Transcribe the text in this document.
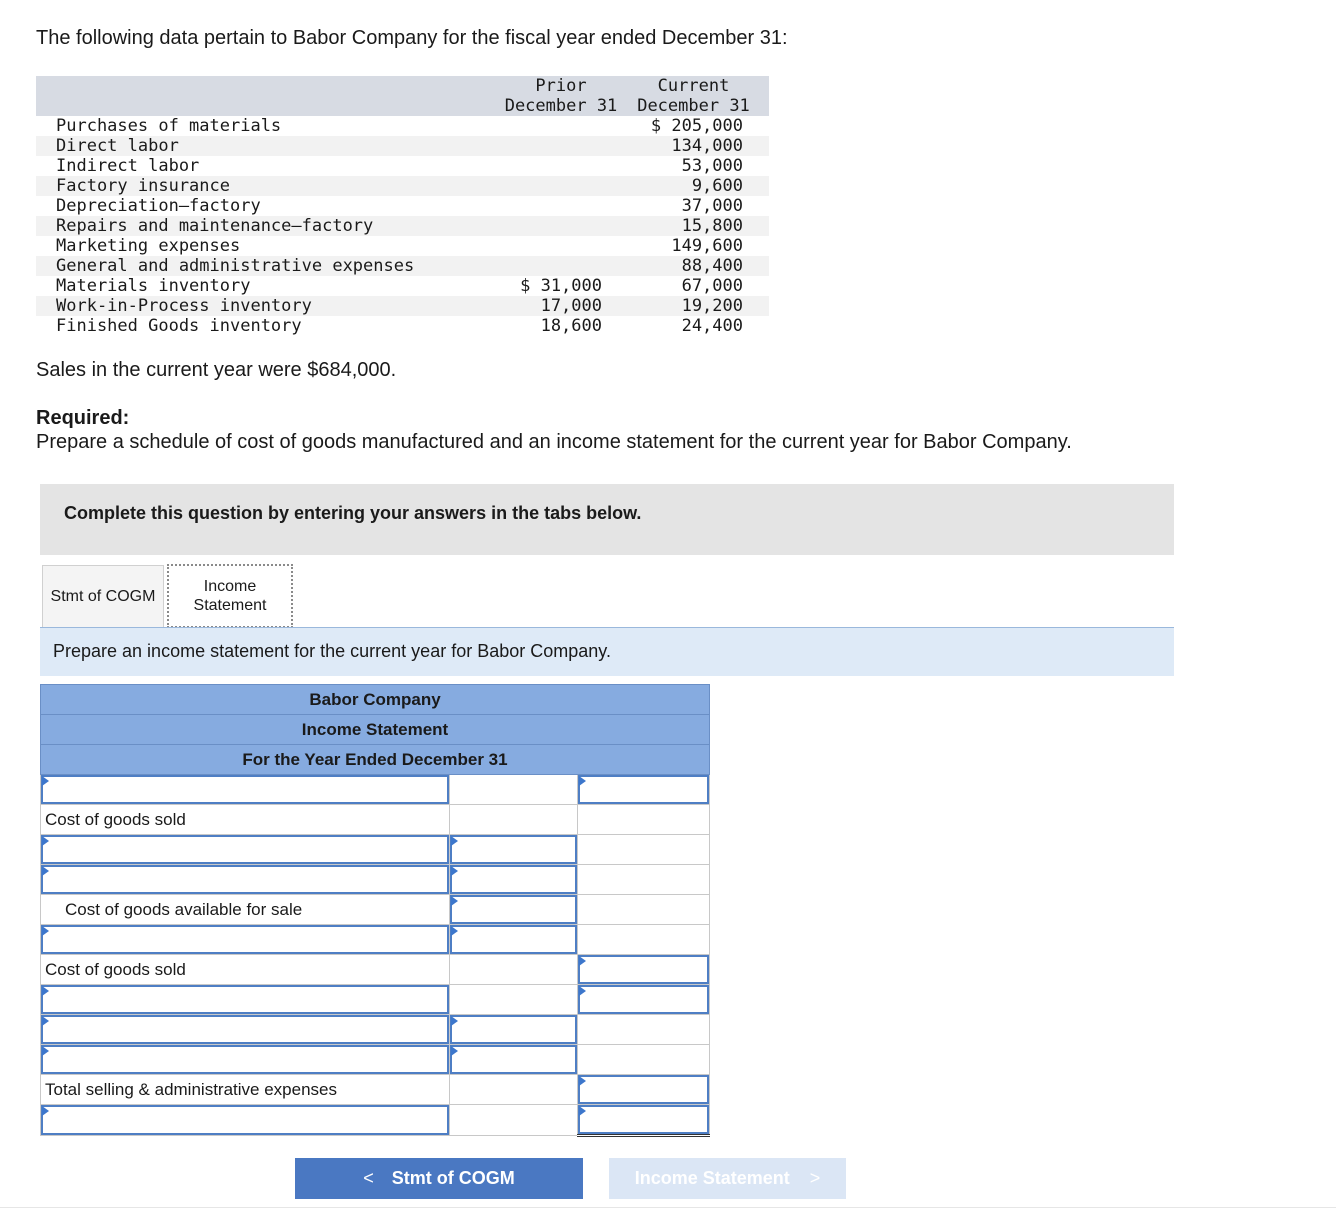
The following data pertain to Babor Company for the fiscal year ended December 31:
	Prior	Current
	December 31	December 31
Purchases of materials		$ 205,000
Direct labor		134,000
Indirect labor		53,000
Factory insurance		9,600
Depreciation—factory		37,000
Repairs and maintenance—factory		15,800
Marketing expenses		149,600
General and administrative expenses		88,400
Materials inventory	$ 31,000	67,000
Work-in-Process inventory	17,000	19,200
Finished Goods inventory	18,600	24,400
Sales in the current year were $684,000.
Required:
Prepare a schedule of cost of goods manufactured and an income statement for the current year for Babor Company.
Complete this question by entering your answers in the tabs below.
Stmt of COGM
Income
Statement
Prepare an income statement for the current year for Babor Company.
Babor Company		
Income Statement		
For the Year Ended December 31		

Cost of goods sold		

Cost of goods available for sale		

Cost of goods sold		

Total selling & administrative expenses		

< Stmt of COGM	Income Statement >
